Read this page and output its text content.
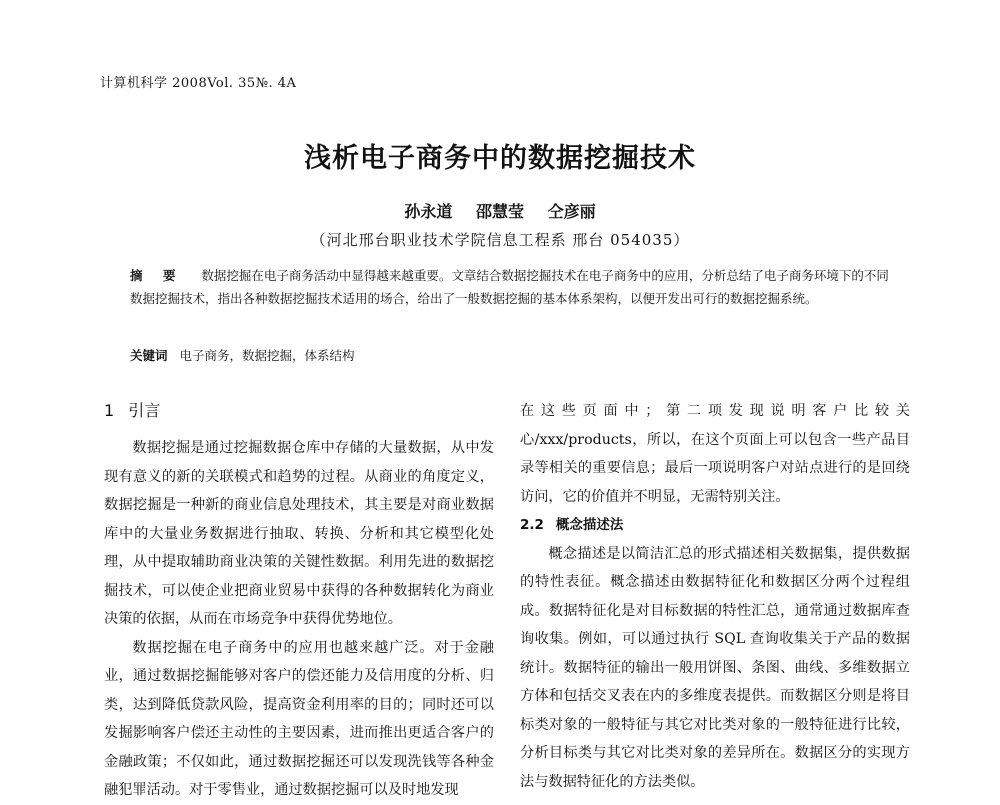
计算机科学 2008Vol. 35№. 4A
浅析电子商务中的数据挖掘技术
孙永道 邵慧莹 仝彦丽
（河北邢台职业技术学院信息工程系 邢台 054035）
摘 要 数据挖掘在电子商务活动中显得越来越重要。文章结合数据挖掘技术在电子商务中的应用，分析总结了电子商务环境下的不同数据挖掘技术，指出各种数据挖掘技术适用的场合，给出了一般数据挖掘的基本体系架构，以便开发出可行的数据挖掘系统。
关键词 电子商务，数据挖掘，体系结构
1 引言

数据挖掘是通过挖掘数据仓库中存储的大量数据，从中发现有意义的新的关联模式和趋势的过程。从商业的角度定义，数据挖掘是一种新的商业信息处理技术，其主要是对商业数据库中的大量业务数据进行抽取、转换、分析和其它模型化处理，从中提取辅助商业决策的关键性数据。利用先进的数据挖掘技术，可以使企业把商业贸易中获得的各种数据转化为商业决策的依据，从而在市场竞争中获得优势地位。

数据挖掘在电子商务中的应用也越来越广泛。对于金融业，通过数据挖掘能够对客户的偿还能力及信用度的分析、归类，达到降低贷款风险，提高资金利用率的目的；同时还可以发掘影响客户偿还主动性的主要因素，进而推出更适合客户的金融政策；不仅如此，通过数据挖掘还可以发现洗钱等各种金融犯罪活动。对于零售业，通过数据挖掘可以及时地发现

在这些页面中；第二项发现说明客户比较关心/xxx/products，所以，在这个页面上可以包含一些产品目录等相关的重要信息；最后一项说明客户对站点进行的是回绕访问，它的价值并不明显，无需特别关注。

2.2 概念描述法

概念描述是以简洁汇总的形式描述相关数据集，提供数据的特性表征。概念描述由数据特征化和数据区分两个过程组成。数据特征化是对目标数据的特性汇总，通常通过数据库查询收集。例如，可以通过执行 SQL 查询收集关于产品的数据统计。数据特征的输出一般用饼图、条图、曲线、多维数据立方体和包括交叉表在内的多维度表提供。而数据区分则是将目标类对象的一般特征与其它对比类对象的一般特征进行比较，分析目标类与其它对比类对象的差异所在。数据区分的实现方法与数据特征化的方法类似。
